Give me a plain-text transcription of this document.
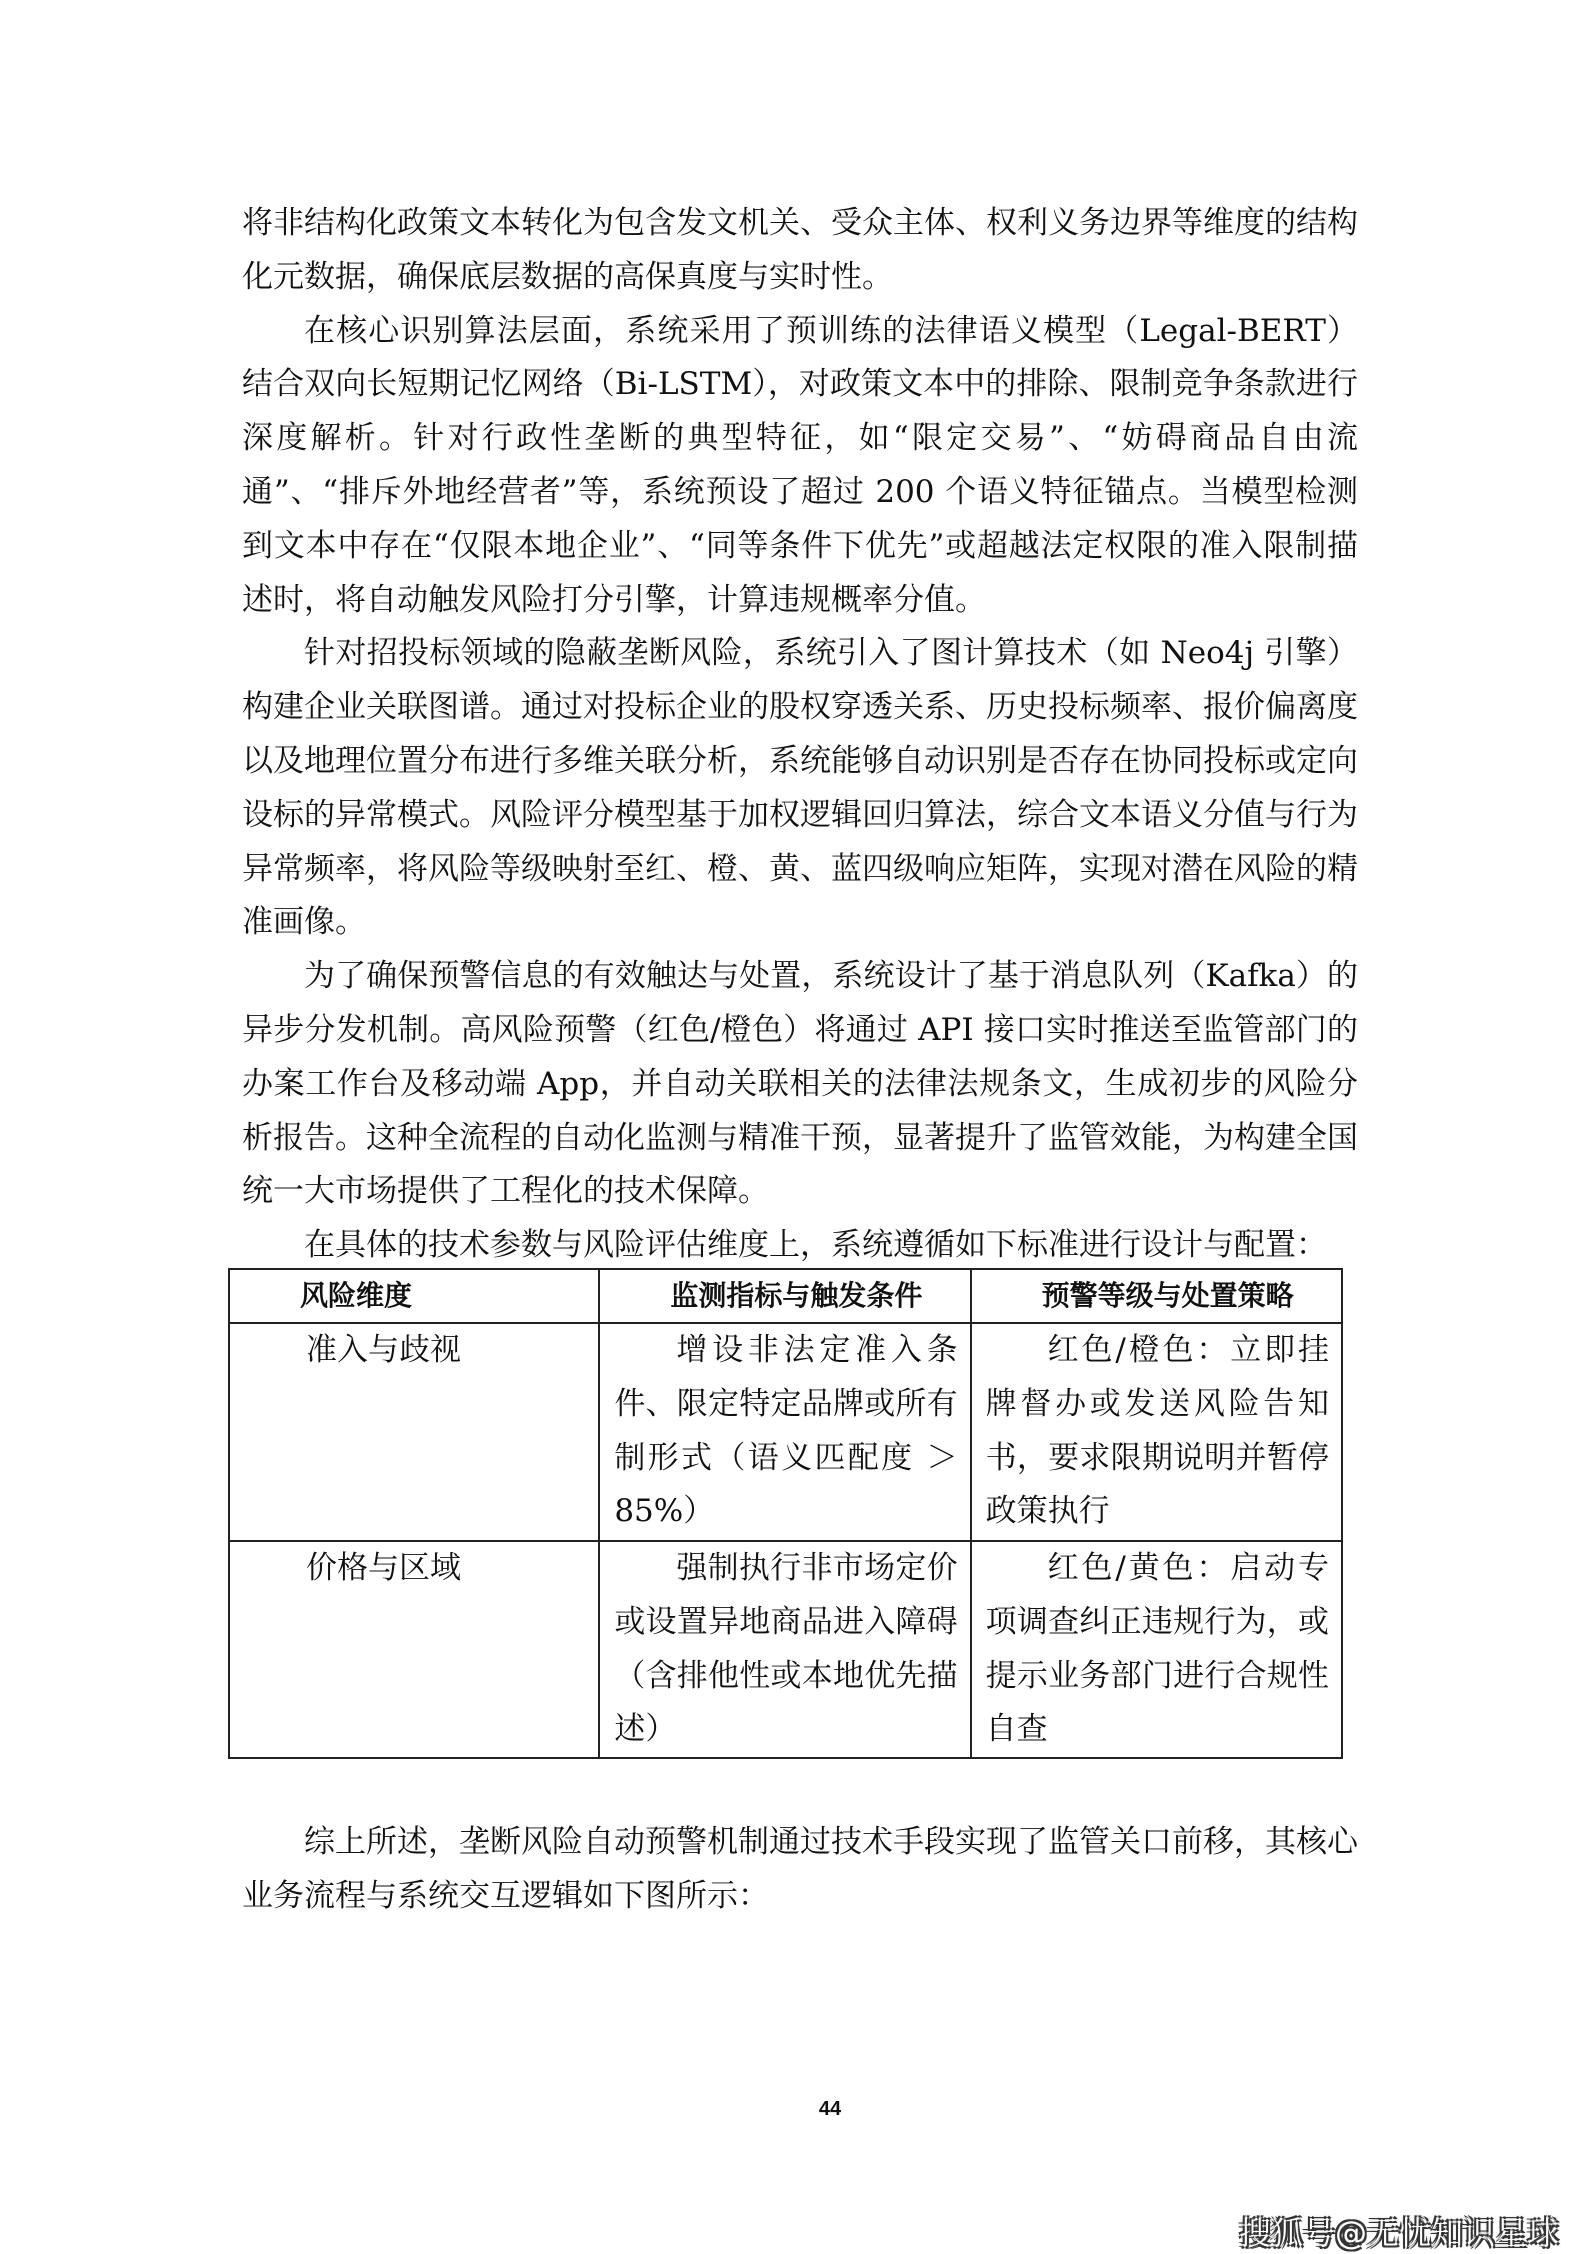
将非结构化政策文本转化为包含发文机关、受众主体、权利义务边界等维度的结构化元数据，确保底层数据的高保真度与实时性。

在核心识别算法层面，系统采用了预训练的法律语义模型（Legal-BERT）结合双向长短期记忆网络（Bi-LSTM），对政策文本中的排除、限制竞争条款进行深度解析。针对行政性垄断的典型特征，如“限定交易”、“妨碍商品自由流通”、“排斥外地经营者”等，系统预设了超过 200 个语义特征锚点。当模型检测到文本中存在“仅限本地企业”、“同等条件下优先”或超越法定权限的准入限制描述时，将自动触发风险打分引擎，计算违规概率分值。

针对招投标领域的隐蔽垄断风险，系统引入了图计算技术（如 Neo4j 引擎）构建企业关联图谱。通过对投标企业的股权穿透关系、历史投标频率、报价偏离度以及地理位置分布进行多维关联分析，系统能够自动识别是否存在协同投标或定向设标的异常模式。风险评分模型基于加权逻辑回归算法，综合文本语义分值与行为异常频率，将风险等级映射至红、橙、黄、蓝四级响应矩阵，实现对潜在风险的精准画像。

为了确保预警信息的有效触达与处置，系统设计了基于消息队列（Kafka）的异步分发机制。高风险预警（红色/橙色）将通过 API 接口实时推送至监管部门的办案工作台及移动端 App，并自动关联相关的法律法规条文，生成初步的风险分析报告。这种全流程的自动化监测与精准干预，显著提升了监管效能，为构建全国统一大市场提供了工程化的技术保障。

在具体的技术参数与风险评估维度上，系统遵循如下标准进行设计与配置：

风险维度	监测指标与触发条件	预警等级与处置策略
准入与歧视	增设非法定准入条件、限定特定品牌或所有制形式（语义匹配度 ＞ 85%）	红色/橙色：立即挂牌督办或发送风险告知书，要求限期说明并暂停政策执行
价格与区域	强制执行非市场定价或设置异地商品进入障碍（含排他性或本地优先描述）	红色/黄色：启动专项调查纠正违规行为，或提示业务部门进行合规性自查

综上所述，垄断风险自动预警机制通过技术手段实现了监管关口前移，其核心业务流程与系统交互逻辑如下图所示：

44
搜狐号@无忧知识星球
